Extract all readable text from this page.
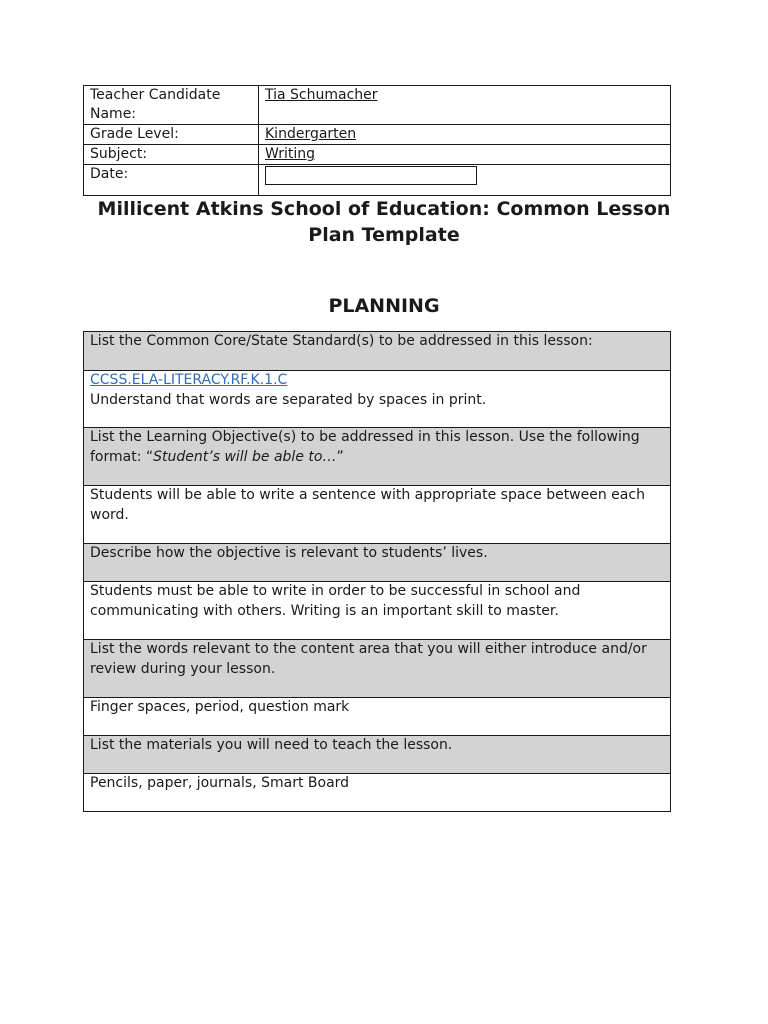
Teacher Candidate Name:	Tia Schumacher
Grade Level:	Kindergarten
Subject:	Writing
Date:	
Millicent Atkins School of Education: Common Lesson Plan Template
PLANNING
List the Common Core/State Standard(s) to be addressed in this lesson:
CCSS.ELA-LITERACY.RF.K.1.C
Understand that words are separated by spaces in print.
List the Learning Objective(s) to be addressed in this lesson. Use the following format: “Student’s will be able to…”
Students will be able to write a sentence with appropriate space between each word.
Describe how the objective is relevant to students’ lives.
Students must be able to write in order to be successful in school and communicating with others. Writing is an important skill to master.
List the words relevant to the content area that you will either introduce and/or review during your lesson.
Finger spaces, period, question mark
List the materials you will need to teach the lesson.
Pencils, paper, journals, Smart Board
